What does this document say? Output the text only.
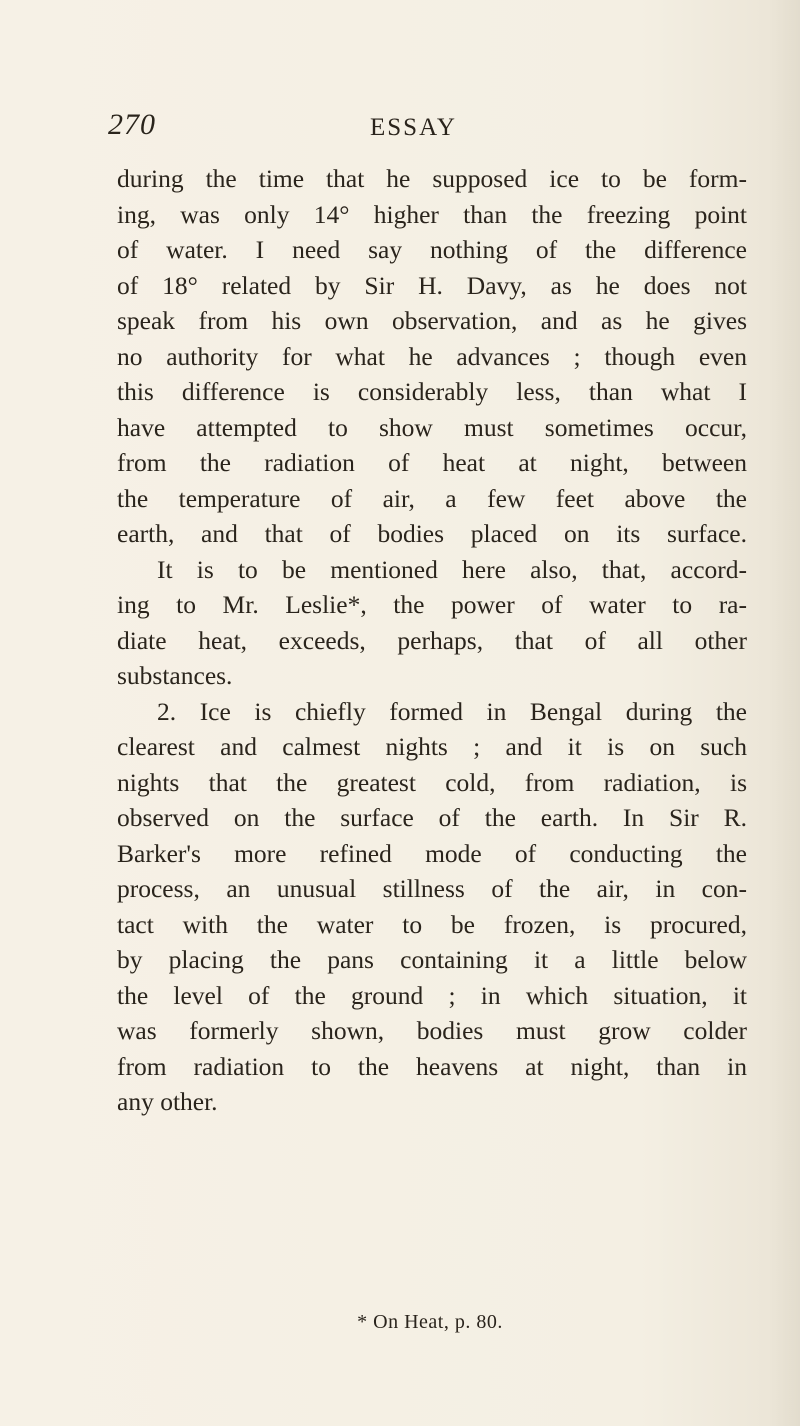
270	ESSAY
during the time that he supposed ice to be form-
ing, was only 14° higher than the freezing point
of water. I need say nothing of the difference
of 18° related by Sir H. Davy, as he does not
speak from his own observation, and as he gives
no authority for what he advances ; though even
this difference is considerably less, than what I
have attempted to show must sometimes occur,
from the radiation of heat at night, between
the temperature of air, a few feet above the
earth, and that of bodies placed on its surface.
It is to be mentioned here also, that, accord-
ing to Mr. Leslie*, the power of water to ra-
diate heat, exceeds, perhaps, that of all other
substances.
2. Ice is chiefly formed in Bengal during the
clearest and calmest nights ; and it is on such
nights that the greatest cold, from radiation, is
observed on the surface of the earth. In Sir R.
Barker's more refined mode of conducting the
process, an unusual stillness of the air, in con-
tact with the water to be frozen, is procured,
by placing the pans containing it a little below
the level of the ground ; in which situation, it
was formerly shown, bodies must grow colder
from radiation to the heavens at night, than in
any other.
* On Heat, p. 80.
